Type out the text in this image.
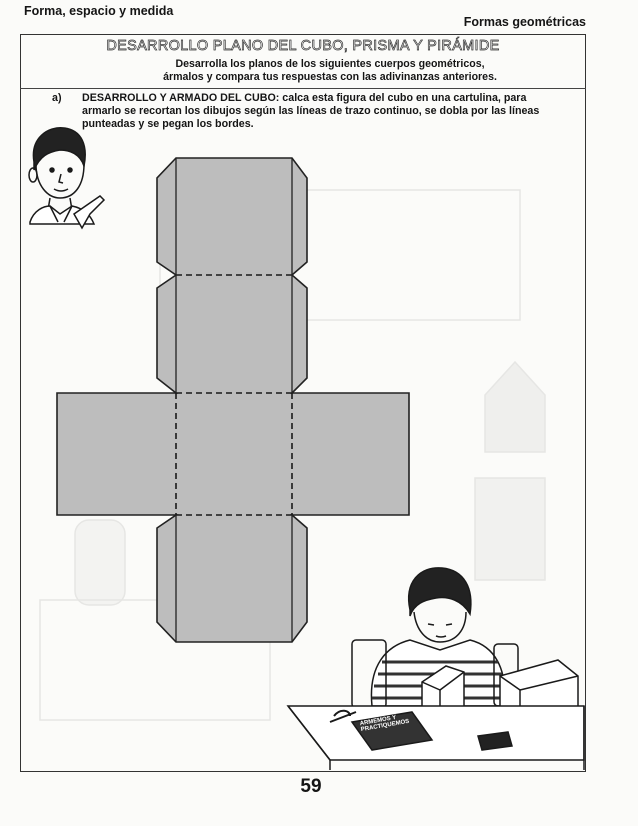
Forma, espacio y medida
Formas geométricas
DESARROLLO PLANO DEL CUBO, PRISMA Y PIRÁMIDE
Desarrolla los planos de los siguientes cuerpos geométricos,
ármalos y compara tus respuestas con las adivinanzas anteriores.
a) DESARROLLO Y ARMADO DEL CUBO: calca esta figura del cubo en una cartulina, para armarlo se recortan los dibujos según las líneas de trazo continuo, se dobla por las líneas punteadas y se pegan los bordes.
ARMEMOS Y PRACTIQUEMOS
59
